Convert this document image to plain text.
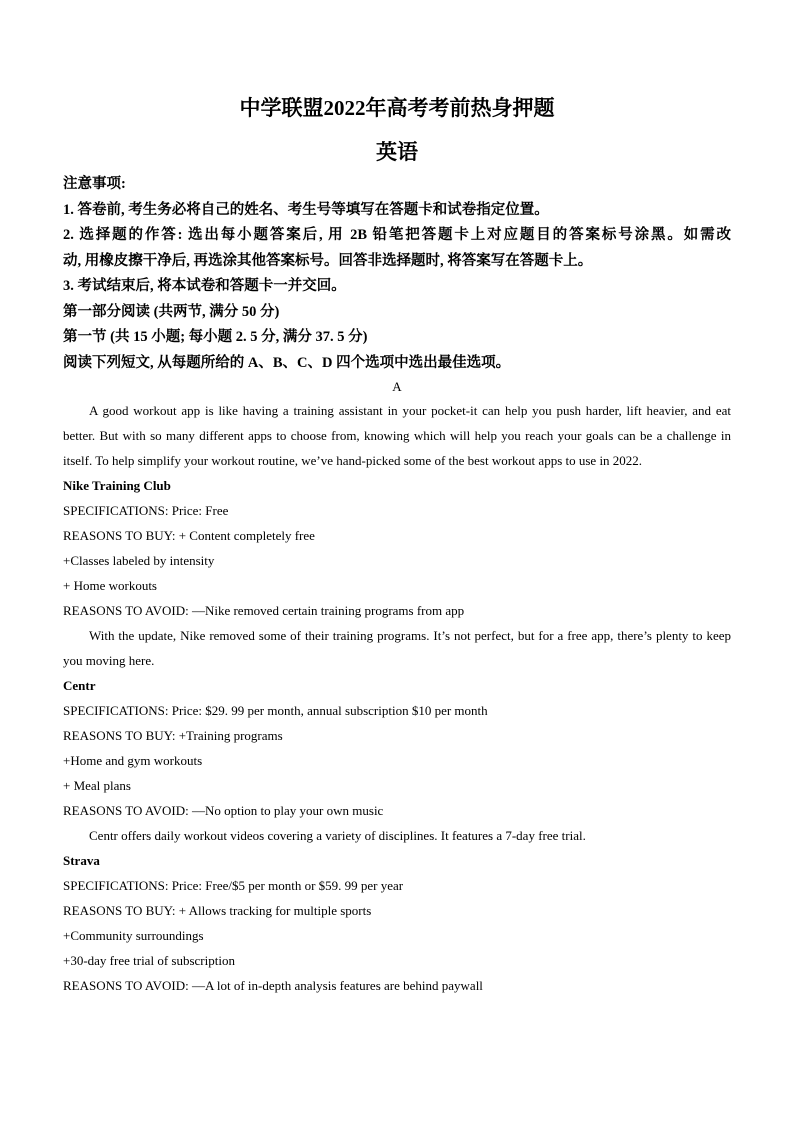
中学联盟2022年高考考前热身押题
英语

注意事项:

1. 答卷前, 考生务必将自己的姓名、考生号等填写在答题卡和试卷指定位置。

2. 选择题的作答: 选出每小题答案后, 用 2B 铅笔把答题卡上对应题目的答案标号涂黑。如需改

动, 用橡皮擦干净后, 再选涂其他答案标号。回答非选择题时, 将答案写在答题卡上。

3. 考试结束后, 将本试卷和答题卡一并交回。

第一部分阅读 (共两节, 满分 50 分)

第一节 (共 15 小题; 每小题 2. 5 分, 满分 37. 5 分)

阅读下列短文, 从每题所给的 A、B、C、D 四个选项中选出最佳选项。

A

A good workout app is like having a training assistant in your pocket-it can help you push harder, lift heavier, and eat better. But with so many different apps to choose from, knowing which will help you reach your goals can be a challenge in itself. To help simplify your workout routine, we’ve hand-picked some of the best workout apps to use in 2022.

Nike Training Club

SPECIFICATIONS: Price: Free

REASONS TO BUY: + Content completely free

+Classes labeled by intensity

+ Home workouts

REASONS TO AVOID: —Nike removed certain training programs from app

With the update, Nike removed some of their training programs. It’s not perfect, but for a free app, there’s plenty to keep you moving here.

Centr

SPECIFICATIONS: Price: $29. 99 per month, annual subscription $10 per month

REASONS TO BUY: +Training programs

+Home and gym workouts

+ Meal plans

REASONS TO AVOID: —No option to play your own music

Centr offers daily workout videos covering a variety of disciplines. It features a 7-day free trial.

Strava

SPECIFICATIONS: Price: Free/$5 per month or $59. 99 per year

REASONS TO BUY: + Allows tracking for multiple sports

+Community surroundings

+30-day free trial of subscription

REASONS TO AVOID: —A lot of in-depth analysis features are behind paywall
